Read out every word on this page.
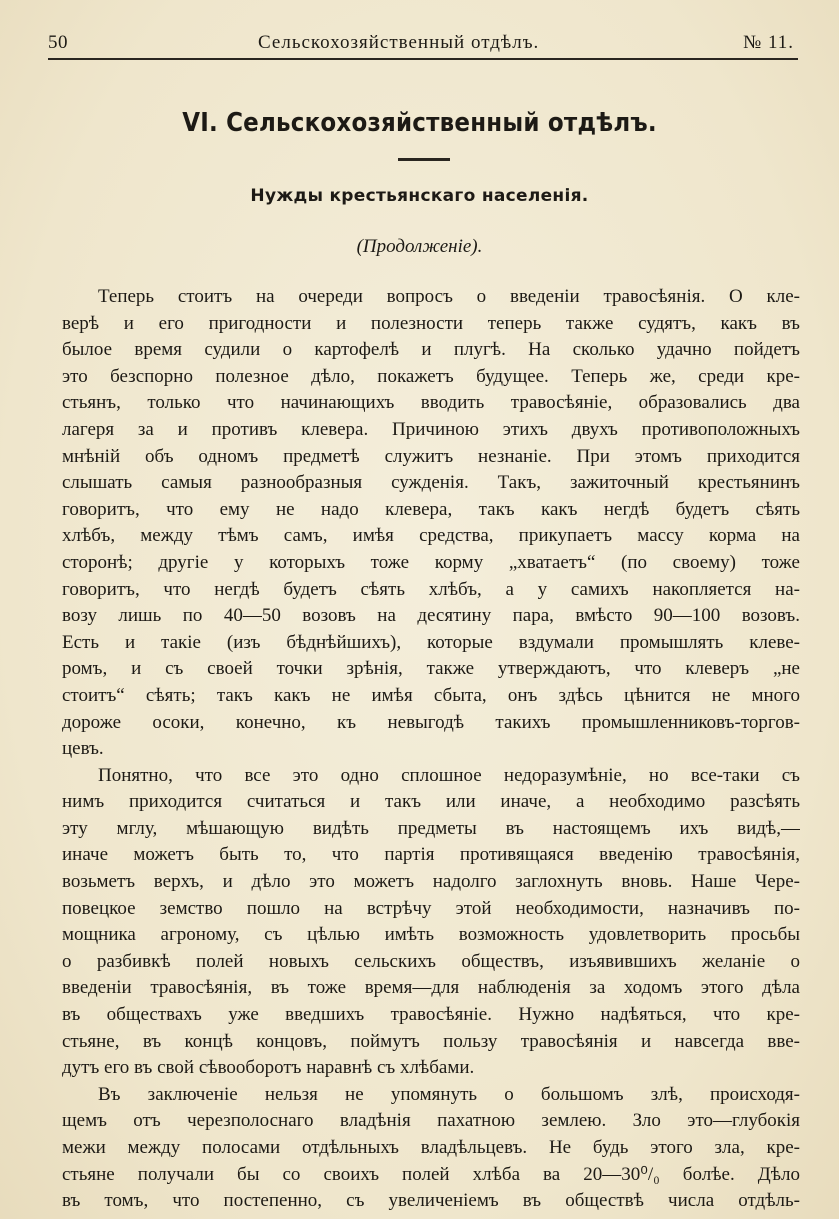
50	Сельскохозяйственный отдѣлъ.	№ 11.
VI. Сельскохозяйственный отдѣлъ.
Нужды крестьянскаго населенія.
(Продолженіе).
Теперь стоитъ на очереди вопросъ о введеніи травосѣянія. О кле-
верѣ и его пригодности и полезности теперь также судятъ, какъ въ
былое время судили о картофелѣ и плугѣ. На сколько удачно пойдетъ
это безспорно полезное дѣло, покажетъ будущее. Теперь же, среди кре-
стьянъ, только что начинающихъ вводить травосѣяніе, образовались два
лагеря за и противъ клевера. Причиною этихъ двухъ противоположныхъ
мнѣній объ одномъ предметѣ служитъ незнаніе. При этомъ приходится
слышать самыя разнообразныя сужденія. Такъ, зажиточный крестьянинъ
говоритъ, что ему не надо клевера, такъ какъ негдѣ будетъ сѣять
хлѣбъ, между тѣмъ самъ, имѣя средства, прикупаетъ массу корма на
сторонѣ; другіе у которыхъ тоже корму „хватаетъ“ (по своему) тоже
говоритъ, что негдѣ будетъ сѣять хлѣбъ, а у самихъ накопляется на-
возу лишь по 40—50 возовъ на десятину пара, вмѣсто 90—100 возовъ.
Есть и такіе (изъ бѣднѣйшихъ), которые вздумали промышлять клеве-
ромъ, и съ своей точки зрѣнія, также утверждаютъ, что клеверъ „не
стоитъ“ сѣять; такъ какъ не имѣя сбыта, онъ здѣсь цѣнится не много
дороже осоки, конечно, къ невыгодѣ такихъ промышленниковъ-торгов-
цевъ.
Понятно, что все это одно сплошное недоразумѣніе, но все-таки съ
нимъ приходится считаться и такъ или иначе, а необходимо разсѣять
эту мглу, мѣшающую видѣть предметы въ настоящемъ ихъ видѣ,—
иначе можетъ быть то, что партія противящаяся введенію травосѣянія,
возьметъ верхъ, и дѣло это можетъ надолго заглохнуть вновь. Наше Чере-
повецкое земство пошло на встрѣчу этой необходимости, назначивъ по-
мощника агроному, съ цѣлью имѣть возможность удовлетворить просьбы
о разбивкѣ полей новыхъ сельскихъ обществъ, изъявившихъ желаніе о
введеніи травосѣянія, въ тоже время—для наблюденія за ходомъ этого дѣла
въ обществахъ уже введшихъ травосѣяніе. Нужно надѣяться, что кре-
стьяне, въ концѣ концовъ, поймутъ пользу травосѣянія и навсегда вве-
дутъ его въ свой сѣвооборотъ наравнѣ съ хлѣбами.
Въ заключеніе нельзя не упомянуть о большомъ злѣ, происходя-
щемъ отъ черезполоснаго владѣнія пахатною землею. Зло это—глубокія
межи между полосами отдѣльныхъ владѣльцевъ. Не будь этого зла, кре-
стьяне получали бы со своихъ полей хлѣба ва 20—30⁰/₀ болѣе. Дѣло
въ томъ, что постепенно, съ увеличеніемъ въ обществѣ числа отдѣль-
